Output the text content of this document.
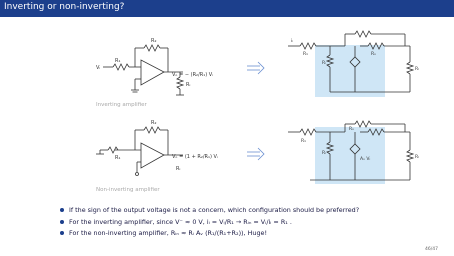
Inverting or non-inverting?
R₂
R₁
Vᵢ
Rᵢ
Vₒ = − (R₂/R₁) Vᵢ
Rᵢ
iᵢ
R₁	Rₒ
Rₗ
Inverting amplifier
R₂
R₁
Rᵢ
Vₒ = (1 + R₂/R₁) Vᵢ
Rₒ
R₁
Rᵢ
Aᵥ Vᵢ	Rₗ
Non-inverting amplifier
If the sign of the output voltage is not a concern, which configuration should be preferred?
For the inverting amplifier, since V⁻ ≈ 0 V, iᵢ = Vᵢ/R₁ → Rᵢₙ = Vᵢ/iᵢ = R₁ .
For the non-inverting amplifier, Rᵢₙ ≈ Rᵢ Aᵥ (R₁/(R₁+R₂)), Huge!
46/47
